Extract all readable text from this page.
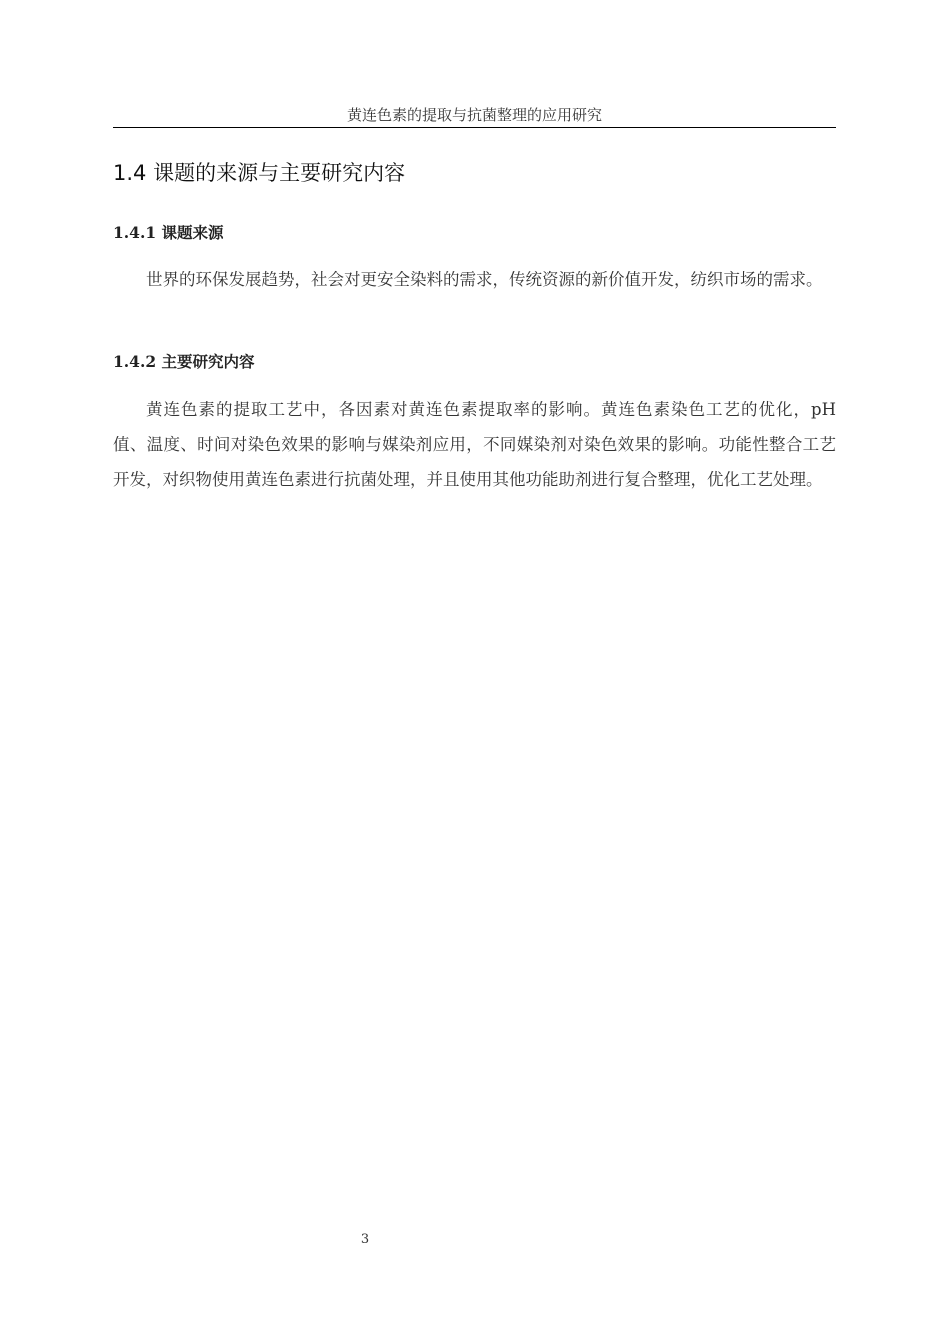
黄连色素的提取与抗菌整理的应用研究
1.4 课题的来源与主要研究内容
1.4.1 课题来源

世界的环保发展趋势，社会对更安全染料的需求，传统资源的新价值开发，纺织市场的需求。

1.4.2 主要研究内容

黄连色素的提取工艺中，各因素对黄连色素提取率的影响。黄连色素染色工艺的优化，pH 值、温度、时间对染色效果的影响与媒染剂应用，不同媒染剂对染色效果的影响。功能性整合工艺开发，对织物使用黄连色素进行抗菌处理，并且使用其他功能助剂进行复合整理，优化工艺处理。

3
